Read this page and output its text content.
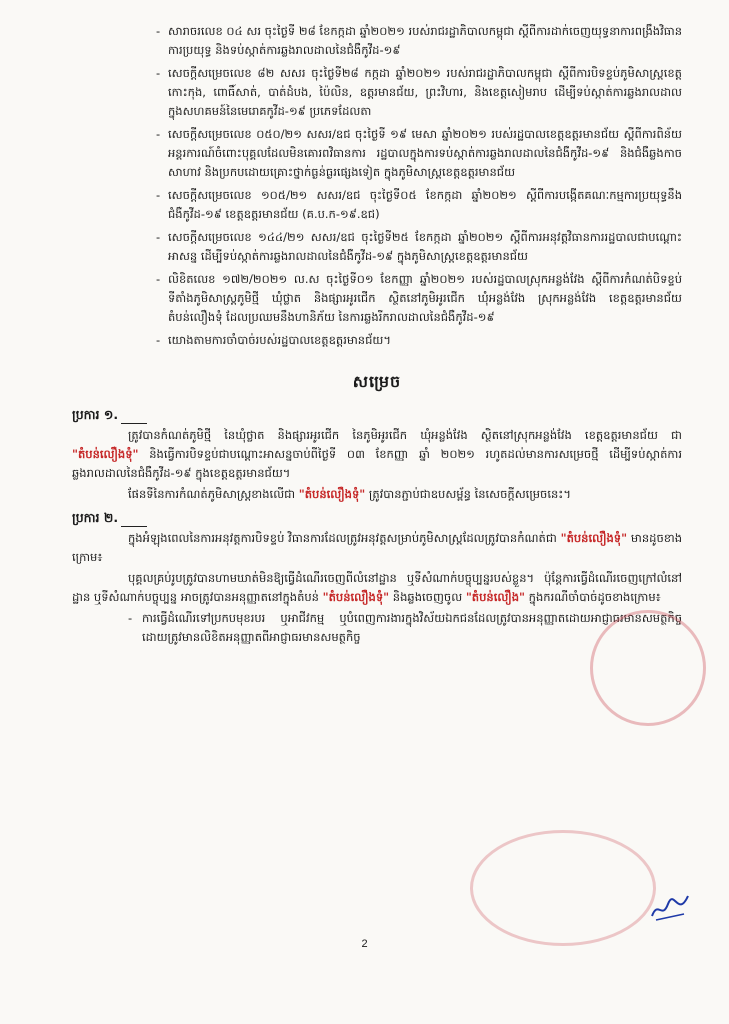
- សារាចរលេខ ០៤ សរ ចុះថ្ងៃទី ២៨ ខែកក្កដា ឆ្នាំ២០២១ របស់រាជរដ្ឋាភិបាលកម្ពុជា ស្តីពីការដាក់ចេញយុទ្ធនាការពង្រឹងវិធានការប្រយុទ្ធ និងទប់ស្កាត់ការឆ្លងរាលដាលនៃជំងឺកូវីដ-១៩
- សេចក្តីសម្រេចលេខ ៨២ សសរ ចុះថ្ងៃទី២៨ កក្កដា ឆ្នាំ២០២១ របស់រាជរដ្ឋាភិបាលកម្ពុជា ស្តីពីការបិទខ្ទប់ភូមិសាស្ត្រខេត្តកោះកុង, ពោធិ៍សាត់, បាត់ដំបង, ប៉ៃលិន, ឧត្តរមានជ័យ, ព្រះវិហារ, និងខេត្តសៀមរាប ដើម្បីទប់ស្កាត់ការឆ្លងរាលដាលក្នុងសហគមន៍នៃមេរោគកូវីដ-១៩ ប្រភេទដែលតា
- សេចក្តីសម្រេចលេខ ០៥០/២១ សសរ/ឧជ ចុះថ្ងៃទី ១៩ មេសា ឆ្នាំ២០២១ របស់រដ្ឋបាលខេត្តឧត្តរមានជ័យ ស្តីពីការពិន័យអន្តរការណ៍ចំពោះបុគ្គលដែលមិនគោរពវិធានការ រដ្ឋបាលក្នុងការទប់ស្កាត់ការឆ្លងរាលដាលនៃជំងឺកូវីដ-១៩ និងជំងឺឆ្លងកាចសាហាវ និងប្រកបដោយគ្រោះថ្នាក់ធ្ងន់ធ្ងរផ្សេងទៀត ក្នុងភូមិសាស្ត្រខេត្តឧត្តរមានជ័យ
- សេចក្តីសម្រេចលេខ ១០៥/២១ សសរ/ឧជ ចុះថ្ងៃទី០៥ ខែកក្កដា ឆ្នាំ២០២១ ស្តីពីការបង្កើតគណៈកម្មការប្រយុទ្ធនឹងជំងឺកូវីដ-១៩ ខេត្តឧត្តរមានជ័យ (គ.ប.ក-១៩.ឧជ)
- សេចក្តីសម្រេចលេខ ១៤៤/២១ សសរ/ឧជ ចុះថ្ងៃទី២៥ ខែកក្កដា ឆ្នាំ២០២១ ស្តីពីការអនុវត្តវិធានការរដ្ឋបាលជាបណ្តោះអាសន្ន ដើម្បីទប់ស្កាត់ការឆ្លងរាលដាលនៃជំងឺកូវីដ-១៩ ក្នុងភូមិសាស្ត្រខេត្តឧត្តរមានជ័យ
- លិខិតលេខ ១៧២/២០២១ ល.ស ចុះថ្ងៃទី០១ ខែកញ្ញា ឆ្នាំ២០២១ របស់រដ្ឋបាលស្រុកអន្លង់វែង ស្តីពីការកំណត់បិទខ្ទប់ទីតាំងភូមិសាស្ត្រភូមិថ្មី ឃុំថ្លាត និងផ្សារអូរជើក ស្ថិតនៅភូមិអូរជើក ឃុំអន្លង់វែង ស្រុកអន្លង់វែង ខេត្តឧត្តរមានជ័យ តំបន់លឿងទុំ ដែលប្រឈមនឹងហានិភ័យ នៃការឆ្លងរីករាលដាលនៃជំងឺកូវីដ-១៩
- យោងតាមការចាំបាច់របស់រដ្ឋបាលខេត្តឧត្តរមានជ័យ។
សម្រេច
ប្រការ ១.

ត្រូវបានកំណត់ភូមិថ្មី នៃឃុំថ្លាត និងផ្សារអូរជើក នៃភូមិអូរជើក ឃុំអន្លង់វែង ស្ថិតនៅស្រុកអន្លង់វែង ខេត្តឧត្តរមានជ័យ ជា "តំបន់លឿងទុំ" និងធ្វើការបិទខ្ទប់ជាបណ្តោះអាសន្នចាប់ពីថ្ងៃទី ០៣ ខែកញ្ញា ឆ្នាំ ២០២១ រហូតដល់មានការសម្រេចថ្មី ដើម្បីទប់ស្កាត់ការឆ្លងរាលដាលនៃជំងឺកូវីដ-១៩ ក្នុងខេត្តឧត្តរមានជ័យ។

ផែនទីនៃការកំណត់ភូមិសាស្ត្រខាងលើជា "តំបន់លឿងទុំ" ត្រូវបានភ្ជាប់ជាឧបសម្ព័ន្ធ នៃសេចក្តីសម្រេចនេះ។

ប្រការ ២.

ក្នុងអំឡុងពេលនៃការអនុវត្តការបិទខ្ទប់ វិធានការដែលត្រូវអនុវត្តសម្រាប់ភូមិសាស្ត្រដែលត្រូវបានកំណត់ជា "តំបន់លឿងទុំ" មានដូចខាងក្រោម៖

បុគ្គលគ្រប់រូបត្រូវបានហាមឃាត់មិនឱ្យធ្វើដំណើរចេញពីលំនៅដ្ឋាន ឬទីសំណាក់បច្ចុប្បន្នរបស់ខ្លួន។ ប៉ុន្តែការធ្វើដំណើរចេញក្រៅលំនៅដ្ឋាន ឬទីសំណាក់បច្ចុប្បន្ន អាចត្រូវបានអនុញ្ញាតនៅក្នុងតំបន់ "តំបន់លឿងទុំ" និងឆ្លងចេញចូល "តំបន់លឿង" ក្នុងករណីចាំបាច់ដូចខាងក្រោម៖

- ការធ្វើដំណើរទៅប្រកបមុខរបរ ឬអាជីវកម្ម ឬបំពេញការងារក្នុងវិស័យឯកជនដែលត្រូវបានអនុញ្ញាតដោយអាជ្ញាធរមានសមត្ថកិច្ច ដោយត្រូវមានលិខិតអនុញ្ញាតពីអាជ្ញាធរមានសមត្ថកិច្ច
2
